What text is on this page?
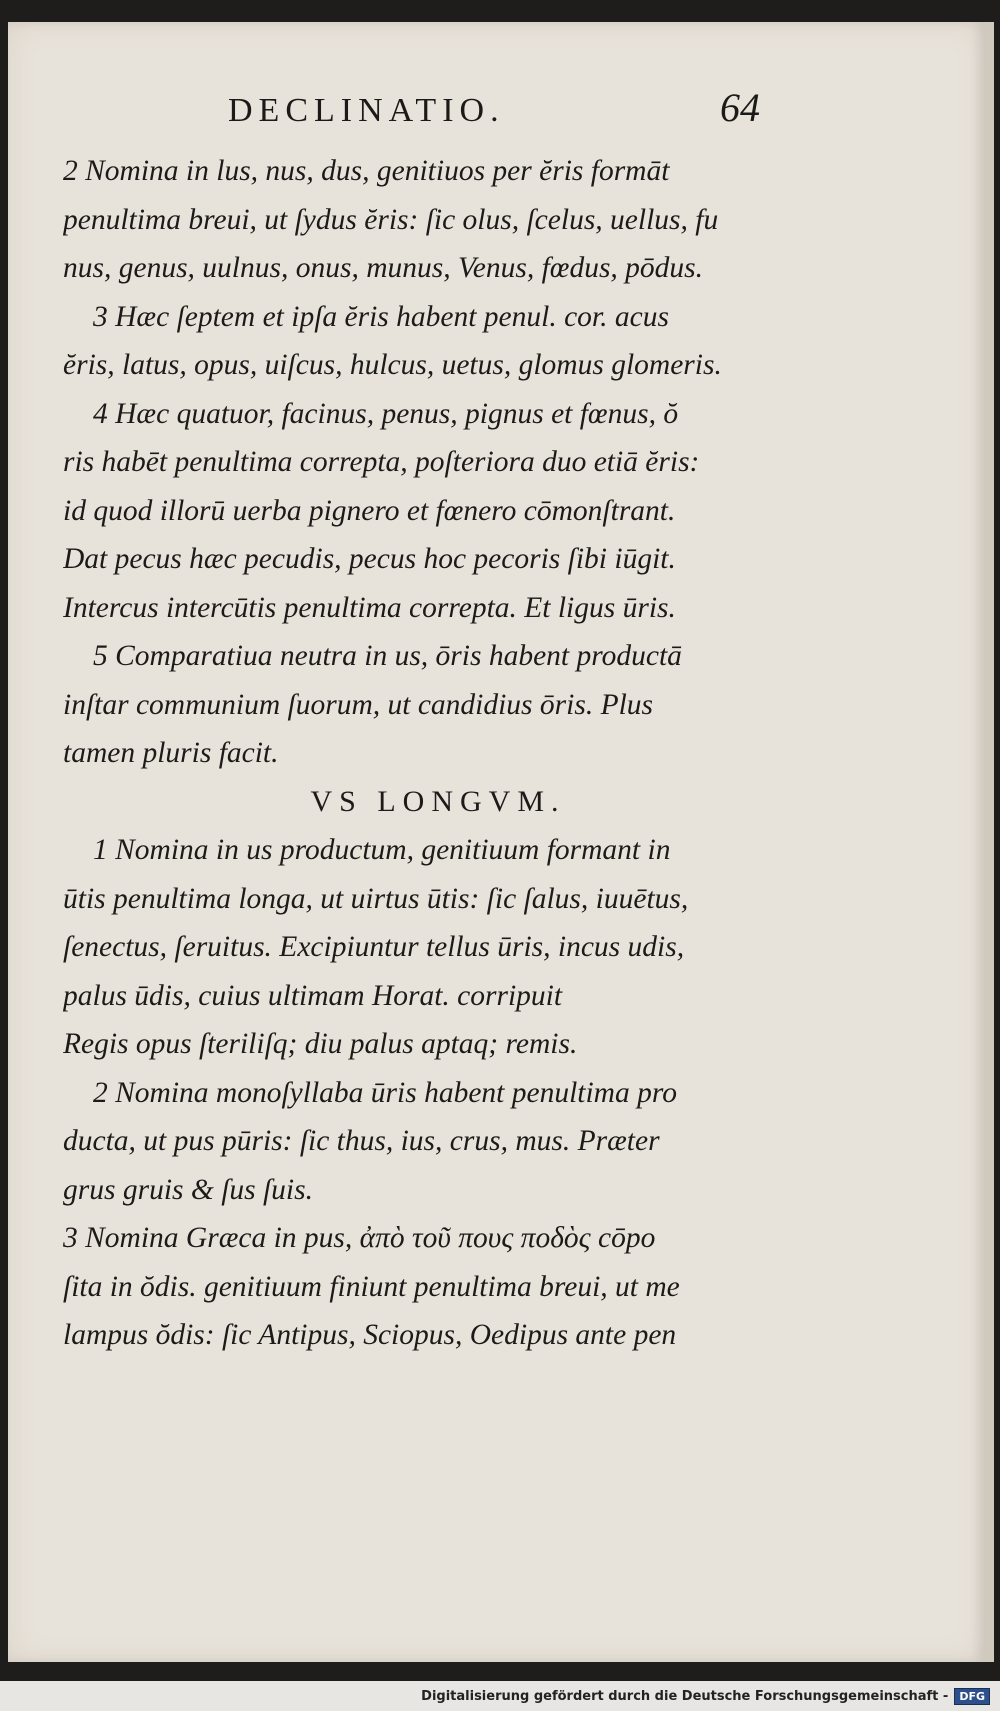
DECLINATIO.	64
2 Nomina in lus, nus, dus, genitiuos per ĕris formāt
penultima breui, ut ſydus ĕris: ſic olus, ſcelus, uellus, fu
nus, genus, uulnus, onus, munus, Venus, fœdus, pōdus.
3 Hæc ſeptem et ipſa ĕris habent penul. cor. acus
ĕris, latus, opus, uiſcus, hulcus, uetus, glomus glomeris.
4 Hæc quatuor, facinus, penus, pignus et fœnus, ŏ
ris habēt penultima correpta, poſteriora duo etiā ĕris:
id quod illorū uerba pignero et fœnero cōmonſtrant.
Dat pecus hæc pecudis, pecus hoc pecoris ſibi iūgit.
Intercus intercūtis penultima correpta. Et ligus ūris.
5 Comparatiua neutra in us, ōris habent productā
inſtar communium ſuorum, ut candidius ōris. Plus
tamen pluris facit.
VS LONGVM.
1 Nomina in us productum, genitiuum formant in
ūtis penultima longa, ut uirtus ūtis: ſic ſalus, iuuētus,
ſenectus, ſeruitus. Excipiuntur tellus ūris, incus udis,
palus ūdis, cuius ultimam Horat. corripuit
Regis opus ſteriliſq; diu palus aptaq; remis.
2 Nomina monoſyllaba ūris habent penultima pro
ducta, ut pus pūris: ſic thus, ius, crus, mus. Præter
grus gruis & ſus ſuis.
3 Nomina Græca in pus, ἀπὸ τοῦ πους ποδὸς cōpo
ſita in ŏdis. genitiuum finiunt penultima breui, ut me
lampus ŏdis: ſic Antipus, Sciopus, Oedipus ante pen
Digitalisierung gefördert durch die Deutsche Forschungsgemeinschaft -	DFG
